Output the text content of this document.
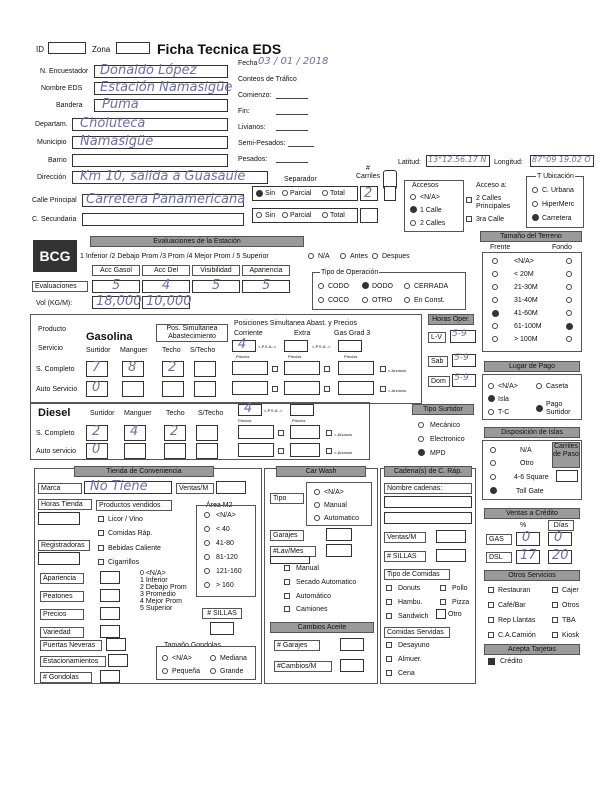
ID	Zona	Ficha Tecnica EDS
Fecha 03 / 01 / 2018
Conteos de Tráfico
Comienzo:
Fin:
Livianos:
Semi-Pesados:
Pesados:	Latitud: 13°12.56.17 N Longitud: 87°09 19.02 O
N. Encuestador Donaldo López
Nombre EDS Estación Namasigüe
Bandera Puma
Departam. Choluteca
Municipio Namasigüe
Barrio
Dirección Km 10, salida a Guasaule
Calle Principal Carretera Panamericana
C. Secundaria
Separador
# Carriles
Sin Parcial	Total 2
Sin Parcial	Total
Accesos
<N/A>
1 Calle
2 Calles
Acceso a:
2 Calles Principales
3ra Calle
T Ubicación
C. Urbana
HiperMerc
Carretera
BCG
Evaluaciones de la Estación
1 Inferior /2 Debajo Prom /3 Prom /4 Mejor Prom / 5 Superior	N/A	Antes Despues
Acc Gasol	Acc Del	Visibilidad	Apariencia
Evaluaciones	5	4	5	5
Vol (KG/M): 18,000 10,000
Tipo de Operación
CODO	DODO	CERRADA
COCO	OTRO	En Const.
Tamaño del Terreno
Frente	Fondo
<N/A>
< 20M
21-30M
31-40M
41-60M
61-100M
> 100M
Producto
Servicio
Gasolina
Surtidor Manguer Techo S/Techo
Pos. Simultanea Abastecimiento
Posiciones Simultanea Abast. y Precios
Corriente	Extra	Gas Grad 3
4	<-P.S.A.->	<-P.S.A.->
Precios	Precios	Precios
S. Completo 7 8 2	<-Anuncio
Auto Servicio 0	<-Anuncio
Horas Oper.
L-V	5-9
Sab	5-9
Dom 5-9
Lugar de Pago
<N/A>	Caseta
Isla
T-C
Pago Surtidor
Diesel	Surtidor Manguer Techo S/Techo 4	<-P.S.A.->
Precios	Precios
S. Completo 2 4 2	<-Anuncio
Auto servicio 0	<-Anuncio
Tipo Surtidor
Mecánico
Electronico
MPD
Disposición de Islas
N/A
Otro
4-6 Square
Toll Gate
Carriles de Paso
Tienda de Conveniencia
Marca	No Tiene	Ventas/M
Horas Tienda	Productos vendidos
Licor / Vino
Comidas Ráp.
Registradoras	Bebidas Caliente
Cigarrillos
Área M2
<N/A>
< 40
41-80
81-120
121-160
> 160
Apariencia
Peatones
Precios
Variedad
0 <N/A>
1 Inferior
2 Debajo Prom
3 Promedio
4 Mejor Prom
5 Superior
# SILLAS
Puertas Neveras
Estacionamientos
# Gondolas
Tamaño Gondolas
<N/A>	Mediana
Pequeña	Grande
Car Wash
Tipo
<N/A>
Manual
Automatico
Garajes
#Lav/Mes
Manual
Secado Automatico
Automático
Camiones
Cambios Aceite
# Garajes
#Cambios/M
Cadena(s) de C. Ráp.
Nombre cadenas:
Ventas/M
# SILLAS
Tipo de Comidas
Donuts	Pollo
Hambu.	Pizza
Sandwich	Otro
Comidas Servidas
Desayuno
Almuer.
Cena
Ventas a Crédito
%	Días
GAS	0 0
DSL	17 20
Otros Servicios
Restauran	Cajer
Café/Bar	Otros
Rep Llantas	TBA
C.A.Camión	Kiosk
Acepta Tarjetas
Crédito
